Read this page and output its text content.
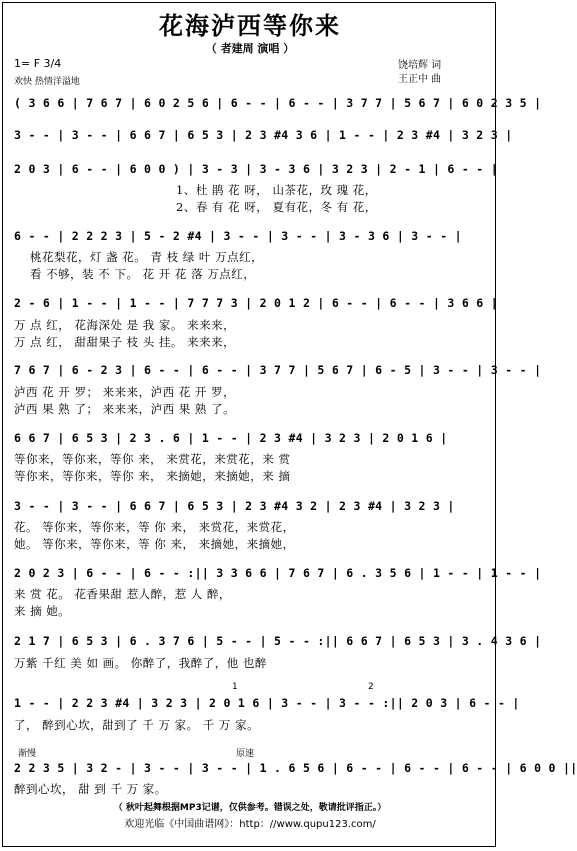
花海泸西等你来
（ 者建周 演唱 ）
饶培辉 词
王正中 曲
1= F 3/4
欢快 热情洋溢地
( 3 6 6 | 7 6 7 | 6 0 2 5 6 | 6 - - | 6 - - | 3 7 7 | 5 6 7 | 6 0 2 3 5 |
3 - - | 3 - - | 6 6 7 | 6 5 3 | 2 3 #4 3 6 | 1 - - | 2 3 #4 | 3 2 3 |
2 0 3 | 6 - - | 6 0 0 ) | 3 - 3 | 3 - 3 6 | 3 2 3 | 2 - 1 | 6 - - |
1、杜 鹃 花 呀， 山茶花，玫 瑰 花，
2、春 有 花 呀， 夏有花，冬 有 花，
6 - - | 2 2 2 3 | 5 - 2 #4 | 3 - - | 3 - - | 3 - 3 6 | 3 - - |
桃花梨花，灯 盏 花。 青 枝 绿 叶 万点红，
看 不够，装 不 下。 花 开 花 落 万点红，
2 - 6 | 1 - - | 1 - - | 7 7 7 3 | 2 0 1 2 | 6 - - | 6 - - | 3 6 6 |
万 点 红， 花海深处 是 我 家。 来来来，
万 点 红， 甜甜果子 枝 头 挂。 来来来，
7 6 7 | 6 - 2 3 | 6 - - | 6 - - | 3 7 7 | 5 6 7 | 6 - 5 | 3 - - | 3 - - |
泸西 花 开 罗； 来来来，泸西 花 开 罗，
泸西 果 熟 了； 来来来，泸西 果 熟 了。
6 6 7 | 6 5 3 | 2 3 . 6 | 1 - - | 2 3 #4 | 3 2 3 | 2 0 1 6 |
等你来，等你来，等你 来， 来赏花，来赏花，来 赏
等你来，等你来，等你 来， 来摘她，来摘她，来 摘
3 - - | 3 - - | 6 6 7 | 6 5 3 | 2 3 #4 3 2 | 2 3 #4 | 3 2 3 |
花。 等你来，等你来，等 你 来， 来赏花，来赏花，
她。 等你来，等你来，等 你 来， 来摘她，来摘她，
2 0 2 3 | 6 - - | 6 - - :|| 3 3 6 6 | 7 6 7 | 6 . 3 5 6 | 1 - - | 1 - - |
来 赏 花。 花香果甜 惹人醉，惹 人 醉，
来 摘 她。
2 1 7 | 6 5 3 | 6 . 3 7 6 | 5 - - | 5 - - :|| 6 6 7 | 6 5 3 | 3 . 4 3 6 |
万紫 千红 美 如 画。 你醉了，我醉了，他 也醉
1	2
1 - - | 2 2 3 #4 | 3 2 3 | 2 0 1 6 | 3 - - | 3 - - :|| 2 0 3 | 6 - - |
了， 醉到心坎，甜到了 千 万 家。 千 万 家。
渐慢	原速
2 2 3 5 | 3 2 - | 3 - - | 3 - - | 1 . 6 5 6 | 6 - - | 6 - - | 6 - - | 6 0 0 ||
醉到心坎， 甜 到 千 万 家。
（ 秋叶起舞根据MP3记谱，仅供参考。错误之处，敬请批评指正。）
欢迎光临《中国曲谱网》：http：//www.qupu123.com/
